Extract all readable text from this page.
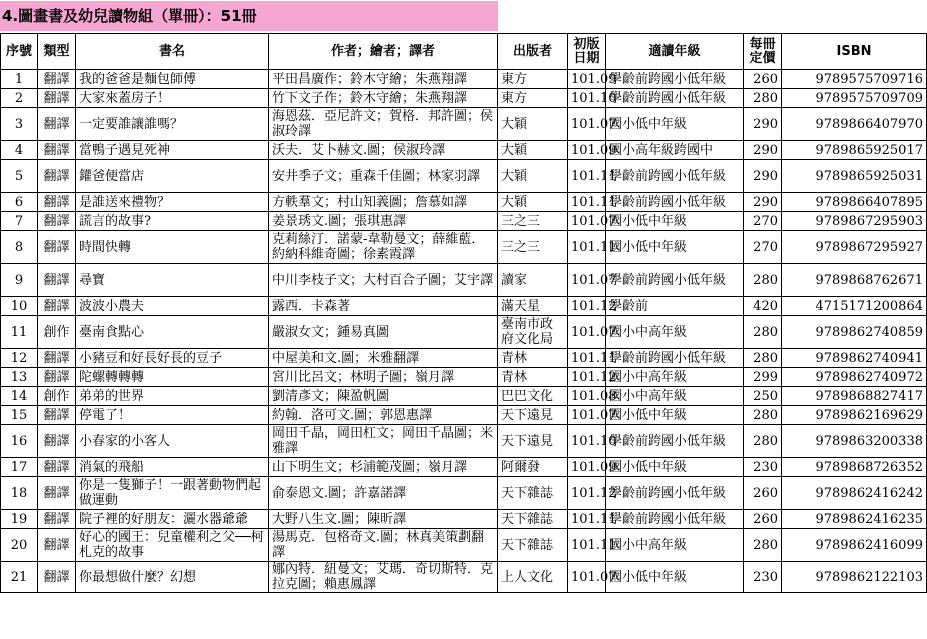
4.圖畫書及幼兒讀物組（單冊）：51冊
序號	類型	書名	作者；繪者；譯者	出版者	初版日期	適讀年級	每冊定價	ISBN
1	翻譯	我的爸爸是麵包師傅	平田昌廣作；鈴木守繪；朱燕翔譯	東方	101.09	學齡前跨國小低年級	260	9789575709716
2	翻譯	大家來蓋房子！	竹下文子作；鈴木守繪；朱燕翔譯	東方	101.10	學齡前跨國小低年級	280	9789575709709
3	翻譯	一定要誰讓誰嗎？	海恩茲．亞尼許文；賀格．邦許圖；侯淑玲譯	大穎	101.07	國小低中年級	290	9789866407970
4	翻譯	當鴨子遇見死神	沃夫．艾卜赫文.圖；侯淑玲譯	大穎	101.09	國小高年級跨國中	290	9789865925017
5	翻譯	鑵爸便當店	安井季子文；重森千佳圖；林家羽譯	大穎	101.11	學齡前跨國小低年級	290	9789865925031
6	翻譯	是誰送來禮物？	方軼羣文；村山知義圖；詹慕如譯	大穎	101.11	學齡前跨國小低年級	290	9789866407895
7	翻譯	謊言的故事?	姜景琇文.圖；張琪惠譯	三之三	101.07	國小低中年級	270	9789867295903
8	翻譯	時間快轉	克莉絲汀．諾蒙-韋勒曼文；薛維藍．約納科維奇圖；徐素霞譯	三之三	101.11	國小低中年級	270	9789867295927
9	翻譯	尋寶	中川李枝子文；大村百合子圖；艾宇譯	讀家	101.07	學齡前跨國小低年級	280	9789868762671
10	翻譯	波波小農夫	露西．卡森著	滿天星	101.12	學齡前	420	4715171200864
11	創作	臺南食點心	嚴淑女文；鍾易真圖	臺南市政府文化局	101.07	國小中高年級	280	9789862740859
12	翻譯	小豬豆和好長好長的豆子	中屋美和文.圖；米雅翻譯	青林	101.11	學齡前跨國小低年級	280	9789862740941
13	翻譯	陀螺轉轉轉	宮川比呂文；林明子圖；嶺月譯	青林	101.12	國小中高年級	299	9789862740972
14	創作	弟弟的世界	劉清彥文；陳盈帆圖	巴巴文化	101.08	國小中高年級	250	9789868827417
15	翻譯	停電了！	約翰．洛可文.圖；郭恩惠譯	天下遠見	101.07	國小低中年級	280	9789862169629
16	翻譯	小春家的小客人	岡田千晶，岡田杠文；岡田千晶圖；米雅譯	天下遠見	101.10	學齡前跨國小低年級	280	9789863200338
17	翻譯	消氣的飛船	山下明生文；杉浦範茂圖；嶺月譯	阿爾發	101.09	國小低中年級	230	9789868726352
18	翻譯	你是一隻獅子！一跟著動物們起做運動	俞泰恩文.圖；許嘉諾譯	天下雜誌	101.12	學齡前跨國小低年級	260	9789862416242
19	翻譯	院子裡的好朋友：灑水器爺爺	大野八生文.圖；陳昕譯	天下雜誌	101.11	學齡前跨國小低年級	260	9789862416235
20	翻譯	好心的國王：兒童權利之父──柯札克的故事	湯馬克．包格奇文.圖；林真美策劃翻譯	天下雜誌	101.11	國小中高年級	280	9789862416099
21	翻譯	你最想做什麼？幻想	娜內特．紐曼文；艾瑪．奇切斯特．克拉克圖；賴惠鳳譯	上人文化	101.07	國小低中年級	230	9789862122103
